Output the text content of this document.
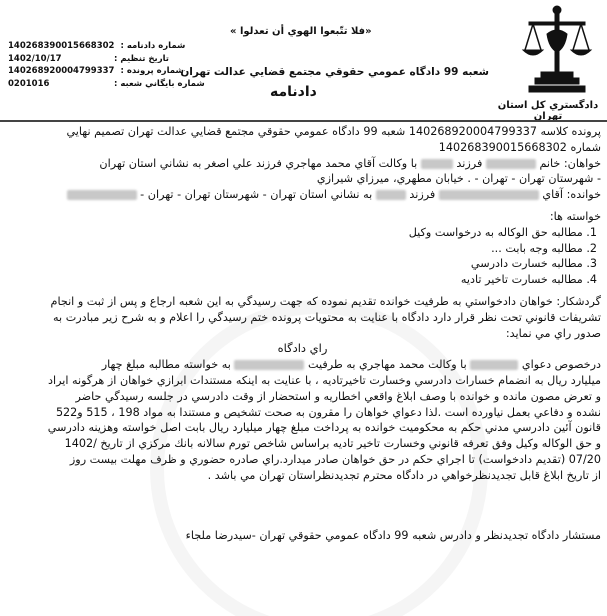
دادگستري كل استان تهران
«فلا تتّبعوا الهوي أن تعدلوا »
شعبه 99 دادگاه عمومي حقوقي مجتمع قضايي عدالت تهران
دادنامه
شماره دادنامه :
140268390015668302
تاريخ تنظيم :
1402/10/17
شماره پرونده :
140268920004799337
شماره بايگاني شعبه :
0201016

پرونده كلاسه 140268920004799337 شعبه 99 دادگاه عمومي حقوقي مجتمع قضايي عدالت تهران تصميم نهايي

شماره 140268390015668302

خواهان: خانم  فرزند  با وكالت آقاي محمد مهاجري فرزند علي اصغر به نشاني استان تهران

- شهرستان تهران - تهران - . خيابان مطهري، ميرزاي شيرازي

خوانده: آقاي  فرزند  به نشاني استان تهران - شهرستان تهران - تهران -

خواسته ها:

1. مطالبه حق الوكاله به درخواست وكيل

2. مطالبه وجه بابت ...

3. مطالبه خسارت دادرسي

4. مطالبه خسارت تاخير تاديه

گردشكار: خواهان دادخواستي به طرفيت خوانده تقديم نموده كه جهت رسيدگي به اين شعبه ارجاع و پس از ثبت و انجام

تشريفات قانوني تحت نظر قرار دارد دادگاه با عنايت به محتويات پرونده ختم رسيدگي را اعلام و به شرح زير مبادرت به

صدور راي مي نمايد:

راي دادگاه

درخصوص دعواي  با وكالت محمد مهاجري به طرفيت  به خواسته مطالبه مبلغ چهار

ميليارد ريال به انضمام خسارات دادرسي وخسارت تاخيرتاديه ، با عنايت به اينكه مستندات ابرازي خواهان از هرگونه ايراد

و تعرض مصون مانده و خوانده با وصف ابلاغ واقعي اخطاريه و استحضار از وقت دادرسي در جلسه رسيدگي حاضر

نشده و دفاعي بعمل نياورده است .لذا دعواي خواهان را مقرون به صحت تشخيص و مستندا به مواد 198 ، 515 و522

قانون آئين دادرسي مدني حكم به محكوميت خوانده به پرداخت مبلغ چهار ميليارد ريال بابت اصل خواسته وهزينه دادرسي

و حق الوكاله وكيل وفق تعرفه قانوني وخسارت تاخير تاديه براساس شاخص تورم سالانه بانك مركزي از تاريخ /1402

07/20 (تقديم دادخواست) تا اجراي حكم در حق خواهان صادر ميدارد.راي صادره حضوري و ظرف مهلت بيست روز

از تاريخ ابلاغ قابل تجديدنظرخواهي در دادگاه محترم تجديدنظراستان تهران مي باشد .

مستشار دادگاه تجديدنظر و دادرس شعبه 99 دادگاه عمومي حقوقي تهران -سيدرضا ملجاء
